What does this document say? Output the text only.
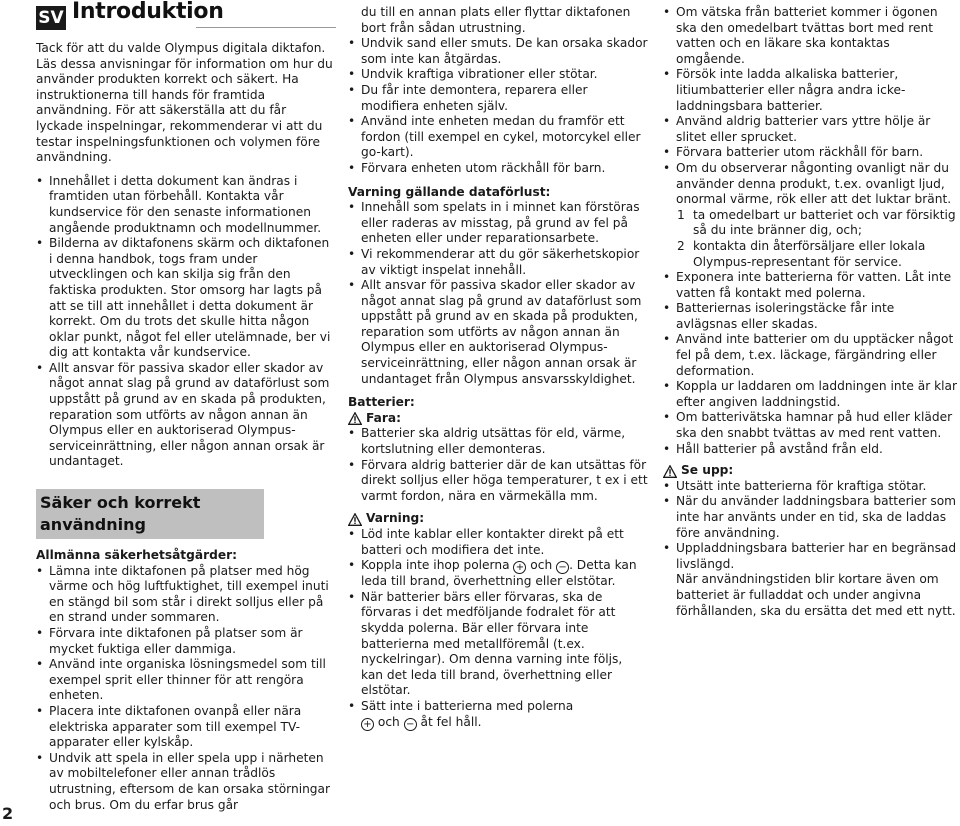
SV Introduktion

Tack för att du valde Olympus digitala diktafon. Läs dessa anvisningar för information om hur du använder produkten korrekt och säkert. Ha instruktionerna till hands för framtida användning. För att säkerställa att du får lyckade inspelningar, rekommenderar vi att du testar inspelningsfunktionen och volymen före användning.

• Innehållet i detta dokument kan ändras i framtiden utan förbehåll. Kontakta vår kundservice för den senaste informationen angående produktnamn och modellnummer.

• Bilderna av diktafonens skärm och diktafonen i denna handbok, togs fram under utvecklingen och kan skilja sig från den faktiska produkten. Stor omsorg har lagts på att se till att innehållet i detta dokument är korrekt. Om du trots det skulle hitta någon oklar punkt, något fel eller utelämnade, ber vi dig att kontakta vår kundservice.

• Allt ansvar för passiva skador eller skador av något annat slag på grund av dataförlust som uppstått på grund av en skada på produkten, reparation som utförts av någon annan än Olympus eller en auktoriserad Olympus-serviceinrättning, eller någon annan orsak är undantaget.

Säker och korrekt användning

Allmänna säkerhetsåtgärder:

• Lämna inte diktafonen på platser med hög värme och hög luftfuktighet, till exempel inuti en stängd bil som står i direkt solljus eller på en strand under sommaren.

• Förvara inte diktafonen på platser som är mycket fuktiga eller dammiga.

• Använd inte organiska lösningsmedel som till exempel sprit eller thinner för att rengöra enheten.

• Placera inte diktafonen ovanpå eller nära elektriska apparater som till exempel TV-apparater eller kylskåp.

• Undvik att spela in eller spela upp i närheten av mobiltelefoner eller annan trådlös utrustning, eftersom de kan orsaka störningar och brus. Om du erfar brus går

du till en annan plats eller flyttar diktafonen bort från sådan utrustning.

• Undvik sand eller smuts. De kan orsaka skador som inte kan åtgärdas.

• Undvik kraftiga vibrationer eller stötar.

• Du får inte demontera, reparera eller modifiera enheten själv.

• Använd inte enheten medan du framför ett fordon (till exempel en cykel, motorcykel eller go-kart).

• Förvara enheten utom räckhåll för barn.

Varning gällande dataförlust:

• Innehåll som spelats in i minnet kan förstöras eller raderas av misstag, på grund av fel på enheten eller under reparationsarbete.

• Vi rekommenderar att du gör säkerhetskopior av viktigt inspelat innehåll.

• Allt ansvar för passiva skador eller skador av något annat slag på grund av dataförlust som uppstått på grund av en skada på produkten, reparation som utförts av någon annan än Olympus eller en auktoriserad Olympus-serviceinrättning, eller någon annan orsak är undantaget från Olympus ansvarsskyldighet.

Batterier:

Fara:

• Batterier ska aldrig utsättas för eld, värme, kortslutning eller demonteras.

• Förvara aldrig batterier där de kan utsättas för direkt solljus eller höga temperaturer, t ex i ett varmt fordon, nära en värmekälla mm.

Varning:

• Löd inte kablar eller kontakter direkt på ett batteri och modifiera det inte.

• Koppla inte ihop polerna + och − . Detta kan leda till brand, överhettning eller elstötar.

• När batterier bärs eller förvaras, ska de förvaras i det medföljande fodralet för att skydda polerna. Bär eller förvara inte batterierna med metallföremål (t.ex. nyckelringar). Om denna varning inte följs, kan det leda till brand, överhettning eller elstötar.

• Sätt inte i batterierna med polerna
+ och − åt fel håll.

• Om vätska från batteriet kommer i ögonen ska den omedelbart tvättas bort med rent vatten och en läkare ska kontaktas omgående.

• Försök inte ladda alkaliska batterier, litiumbatterier eller några andra icke-laddningsbara batterier.

• Använd aldrig batterier vars yttre hölje är slitet eller sprucket.

• Förvara batterier utom räckhåll för barn.

• Om du observerar någonting ovanligt när du använder denna produkt, t.ex. ovanligt ljud, onormal värme, rök eller att det luktar bränt.

1 ta omedelbart ur batteriet och var försiktig så du inte bränner dig, och;

2 kontakta din återförsäljare eller lokala Olympus-representant för service.

• Exponera inte batterierna för vatten. Låt inte vatten få kontakt med polerna.

• Batteriernas isoleringstäcke får inte avlägsnas eller skadas.

• Använd inte batterier om du upptäcker något fel på dem, t.ex. läckage, färgändring eller deformation.

• Koppla ur laddaren om laddningen inte är klar efter angiven laddningstid.

• Om batterivätska hamnar på hud eller kläder ska den snabbt tvättas av med rent vatten.

• Håll batterier på avstånd från eld.

Se upp:

• Utsätt inte batterierna för kraftiga stötar.

• När du använder laddningsbara batterier som inte har använts under en tid, ska de laddas före användning.

• Uppladdningsbara batterier har en begränsad livslängd.

När användningstiden blir kortare även om batteriet är fulladdat och under angivna förhållanden, ska du ersätta det med ett nytt.

2
